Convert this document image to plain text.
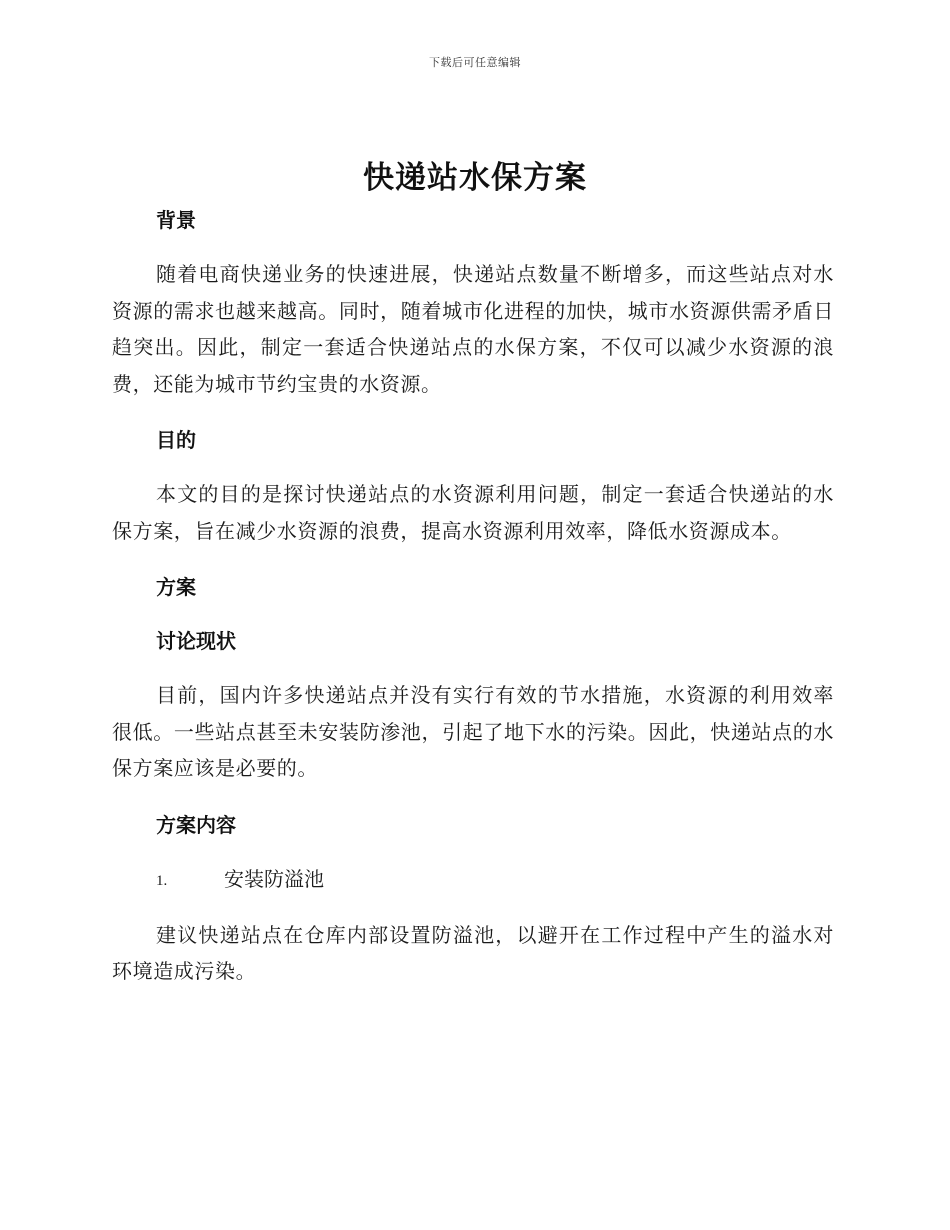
下载后可任意编辑
快递站水保方案

背景

随着电商快递业务的快速进展，快递站点数量不断增多，而这些站点对水资源的需求也越来越高。同时，随着城市化进程的加快，城市水资源供需矛盾日趋突出。因此，制定一套适合快递站点的水保方案，不仅可以减少水资源的浪费，还能为城市节约宝贵的水资源。

目的

本文的目的是探讨快递站点的水资源利用问题，制定一套适合快递站的水保方案，旨在减少水资源的浪费，提高水资源利用效率，降低水资源成本。

方案

讨论现状

目前，国内许多快递站点并没有实行有效的节水措施，水资源的利用效率很低。一些站点甚至未安装防渗池，引起了地下水的污染。因此，快递站点的水保方案应该是必要的。

方案内容

1.	安装防溢池

建议快递站点在仓库内部设置防溢池，以避开在工作过程中产生的溢水对环境造成污染。
